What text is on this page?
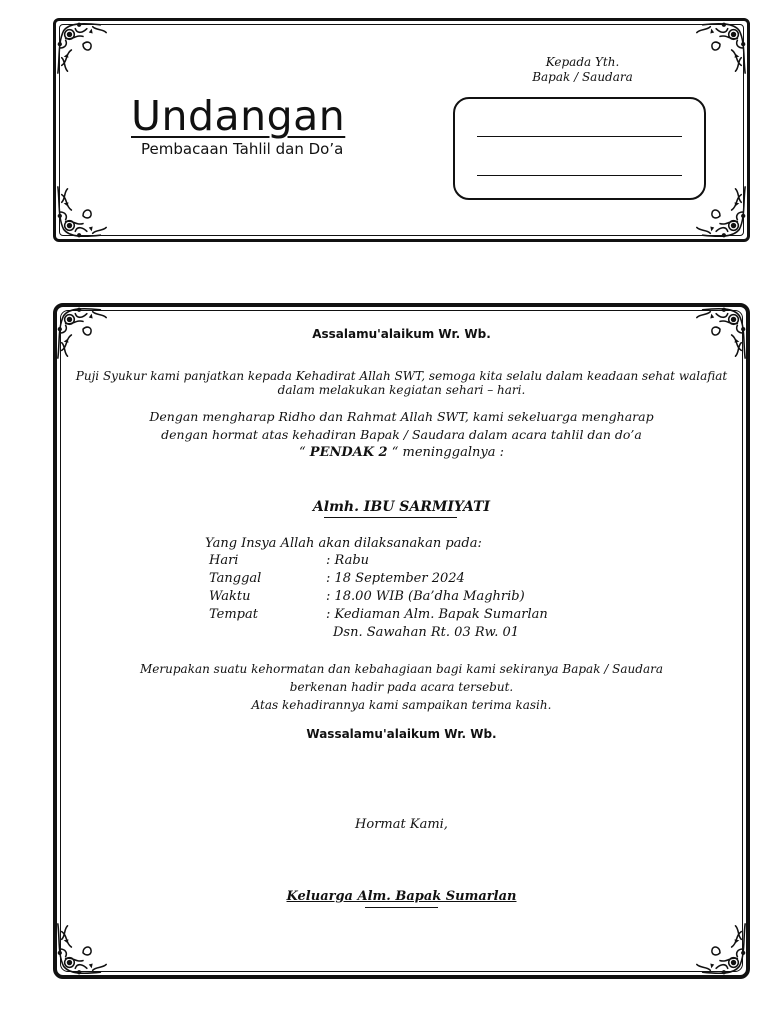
Kepada Yth.
Bapak / Saudara
Undangan
Pembacaan Tahlil dan Do’a
Assalamu'alaikum Wr. Wb.
Puji Syukur kami panjatkan kepada Kehadirat Allah SWT, semoga kita selalu dalam keadaan sehat walafiat
dalam melakukan kegiatan sehari – hari.
Dengan mengharap Ridho dan Rahmat Allah SWT, kami sekeluarga mengharap
dengan hormat atas kehadiran Bapak / Saudara dalam acara tahlil dan do’a
“ PENDAK 2 “ meninggalnya :
Almh. IBU SARMIYATI
Yang Insya Allah akan dilaksanakan pada:
Hari	: Rabu
Tanggal	: 18 September 2024
Waktu	: 18.00 WIB (Ba’dha Maghrib)
Tempat	: Kediaman Alm. Bapak Sumarlan
Dsn. Sawahan Rt. 03 Rw. 01
Merupakan suatu kehormatan dan kebahagiaan bagi kami sekiranya Bapak / Saudara
berkenan hadir pada acara tersebut.
Atas kehadirannya kami sampaikan terima kasih.
Wassalamu'alaikum Wr. Wb.
Hormat Kami,
Keluarga Alm. Bapak Sumarlan
